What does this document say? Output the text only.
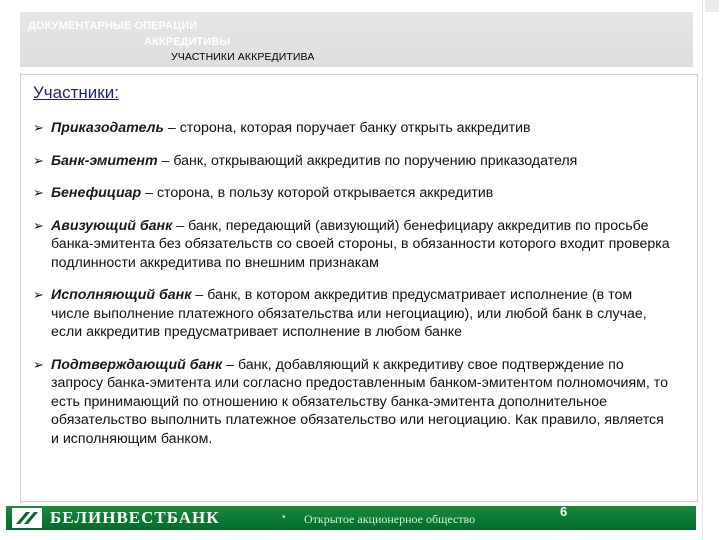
ДОКУМЕНТАРНЫЕ ОПЕРАЦИИ
АККРЕДИТИВЫ
УЧАСТНИКИ АККРЕДИТИВА
Участники:

➢ Приказодатель – сторона, которая поручает банку открыть аккредитив

➢ Банк-эмитент – банк, открывающий аккредитив по поручению приказодателя

➢ Бенефициар – сторона, в пользу которой открывается аккредитив

➢ Авизующий банк – банк, передающий (авизующий) бенефициару аккредитив по просьбе банка-эмитента без обязательств со своей стороны, в обязанности которого входит проверка подлинности аккредитива по внешним признакам

➢ Исполняющий банк – банк, в котором аккредитив предусматривает исполнение (в том числе выполнение платежного обязательства или негоциацию), или любой банк в случае, если аккредитив предусматривает исполнение в любом банке

➢ Подтверждающий банк – банк, добавляющий к аккредитиву свое подтверждение по запросу банка-эмитента или согласно предоставленным банком-эмитентом полномочиям, то есть принимающий по отношению к обязательству банка-эмитента дополнительное обязательство выполнить платежное обязательство или негоциацию. Как правило, является и исполняющим банком.

БЕЛИНВЕСТБАНК	• Открытое акционерное общество	6
